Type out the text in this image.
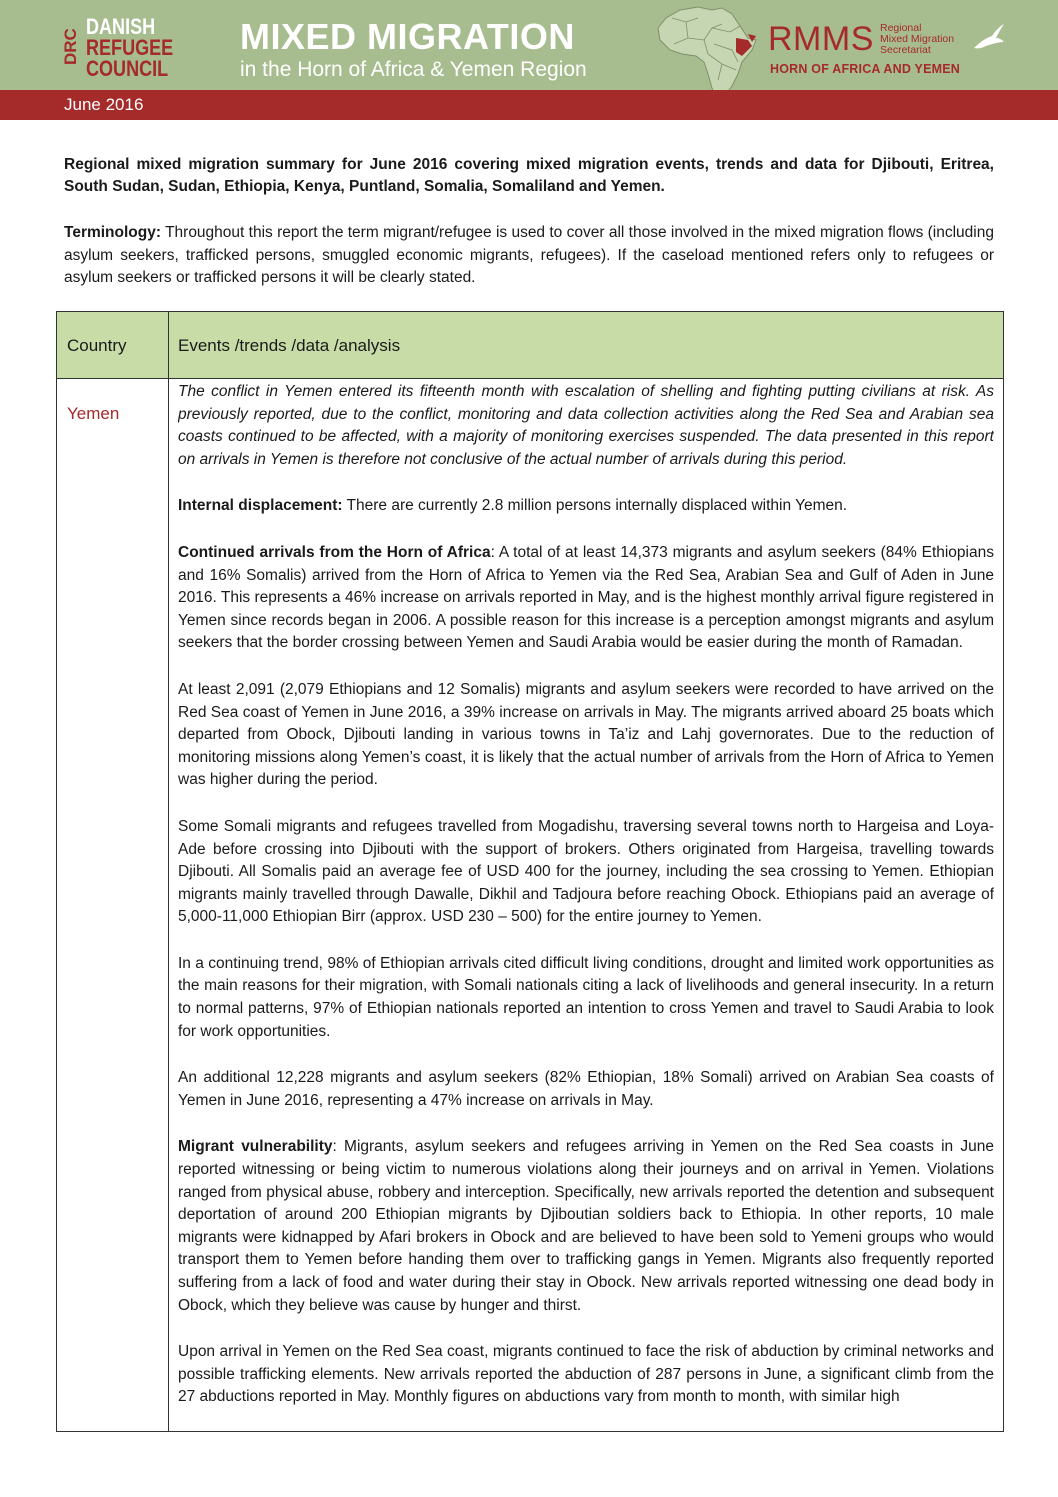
DRC
DANISH
REFUGEE
COUNCIL
MIXED MIGRATION
in the Horn of Africa & Yemen Region
RMMS Regional
Mixed Migration
Secretariat
HORN OF AFRICA AND YEMEN
June 2016
Regional mixed migration summary for June 2016 covering mixed migration events, trends and data for Djibouti, Eritrea, South Sudan, Sudan, Ethiopia, Kenya, Puntland, Somalia, Somaliland and Yemen.
Terminology: Throughout this report the term migrant/refugee is used to cover all those involved in the mixed migration flows (including asylum seekers, trafficked persons, smuggled economic migrants, refugees). If the caseload mentioned refers only to refugees or asylum seekers or trafficked persons it will be clearly stated.
Country	Events /trends /data /analysis
Yemen

The conflict in Yemen entered its fifteenth month with escalation of shelling and fighting putting civilians at risk. As previously reported, due to the conflict, monitoring and data collection activities along the Red Sea and Arabian sea coasts continued to be affected, with a majority of monitoring exercises suspended. The data presented in this report on arrivals in Yemen is therefore not conclusive of the actual number of arrivals during this period.

Internal displacement: There are currently 2.8 million persons internally displaced within Yemen.

Continued arrivals from the Horn of Africa: A total of at least 14,373 migrants and asylum seekers (84% Ethiopians and 16% Somalis) arrived from the Horn of Africa to Yemen via the Red Sea, Arabian Sea and Gulf of Aden in June 2016. This represents a 46% increase on arrivals reported in May, and is the highest monthly arrival figure registered in Yemen since records began in 2006. A possible reason for this increase is a perception amongst migrants and asylum seekers that the border crossing between Yemen and Saudi Arabia would be easier during the month of Ramadan.

At least 2,091 (2,079 Ethiopians and 12 Somalis) migrants and asylum seekers were recorded to have arrived on the Red Sea coast of Yemen in June 2016, a 39% increase on arrivals in May. The migrants arrived aboard 25 boats which departed from Obock, Djibouti landing in various towns in Ta’iz and Lahj governorates. Due to the reduction of monitoring missions along Yemen’s coast, it is likely that the actual number of arrivals from the Horn of Africa to Yemen was higher during the period.

Some Somali migrants and refugees travelled from Mogadishu, traversing several towns north to Hargeisa and Loya-Ade before crossing into Djibouti with the support of brokers. Others originated from Hargeisa, travelling towards Djibouti. All Somalis paid an average fee of USD 400 for the journey, including the sea crossing to Yemen. Ethiopian migrants mainly travelled through Dawalle, Dikhil and Tadjoura before reaching Obock. Ethiopians paid an average of 5,000-11,000 Ethiopian Birr (approx. USD 230 – 500) for the entire journey to Yemen.

In a continuing trend, 98% of Ethiopian arrivals cited difficult living conditions, drought and limited work opportunities as the main reasons for their migration, with Somali nationals citing a lack of livelihoods and general insecurity. In a return to normal patterns, 97% of Ethiopian nationals reported an intention to cross Yemen and travel to Saudi Arabia to look for work opportunities.

An additional 12,228 migrants and asylum seekers (82% Ethiopian, 18% Somali) arrived on Arabian Sea coasts of Yemen in June 2016, representing a 47% increase on arrivals in May.

Migrant vulnerability: Migrants, asylum seekers and refugees arriving in Yemen on the Red Sea coasts in June reported witnessing or being victim to numerous violations along their journeys and on arrival in Yemen. Violations ranged from physical abuse, robbery and interception. Specifically, new arrivals reported the detention and subsequent deportation of around 200 Ethiopian migrants by Djiboutian soldiers back to Ethiopia. In other reports, 10 male migrants were kidnapped by Afari brokers in Obock and are believed to have been sold to Yemeni groups who would transport them to Yemen before handing them over to trafficking gangs in Yemen. Migrants also frequently reported suffering from a lack of food and water during their stay in Obock. New arrivals reported witnessing one dead body in Obock, which they believe was cause by hunger and thirst.

Upon arrival in Yemen on the Red Sea coast, migrants continued to face the risk of abduction by criminal networks and possible trafficking elements. New arrivals reported the abduction of 287 persons in June, a significant climb from the 27 abductions reported in May. Monthly figures on abductions vary from month to month, with similar high
